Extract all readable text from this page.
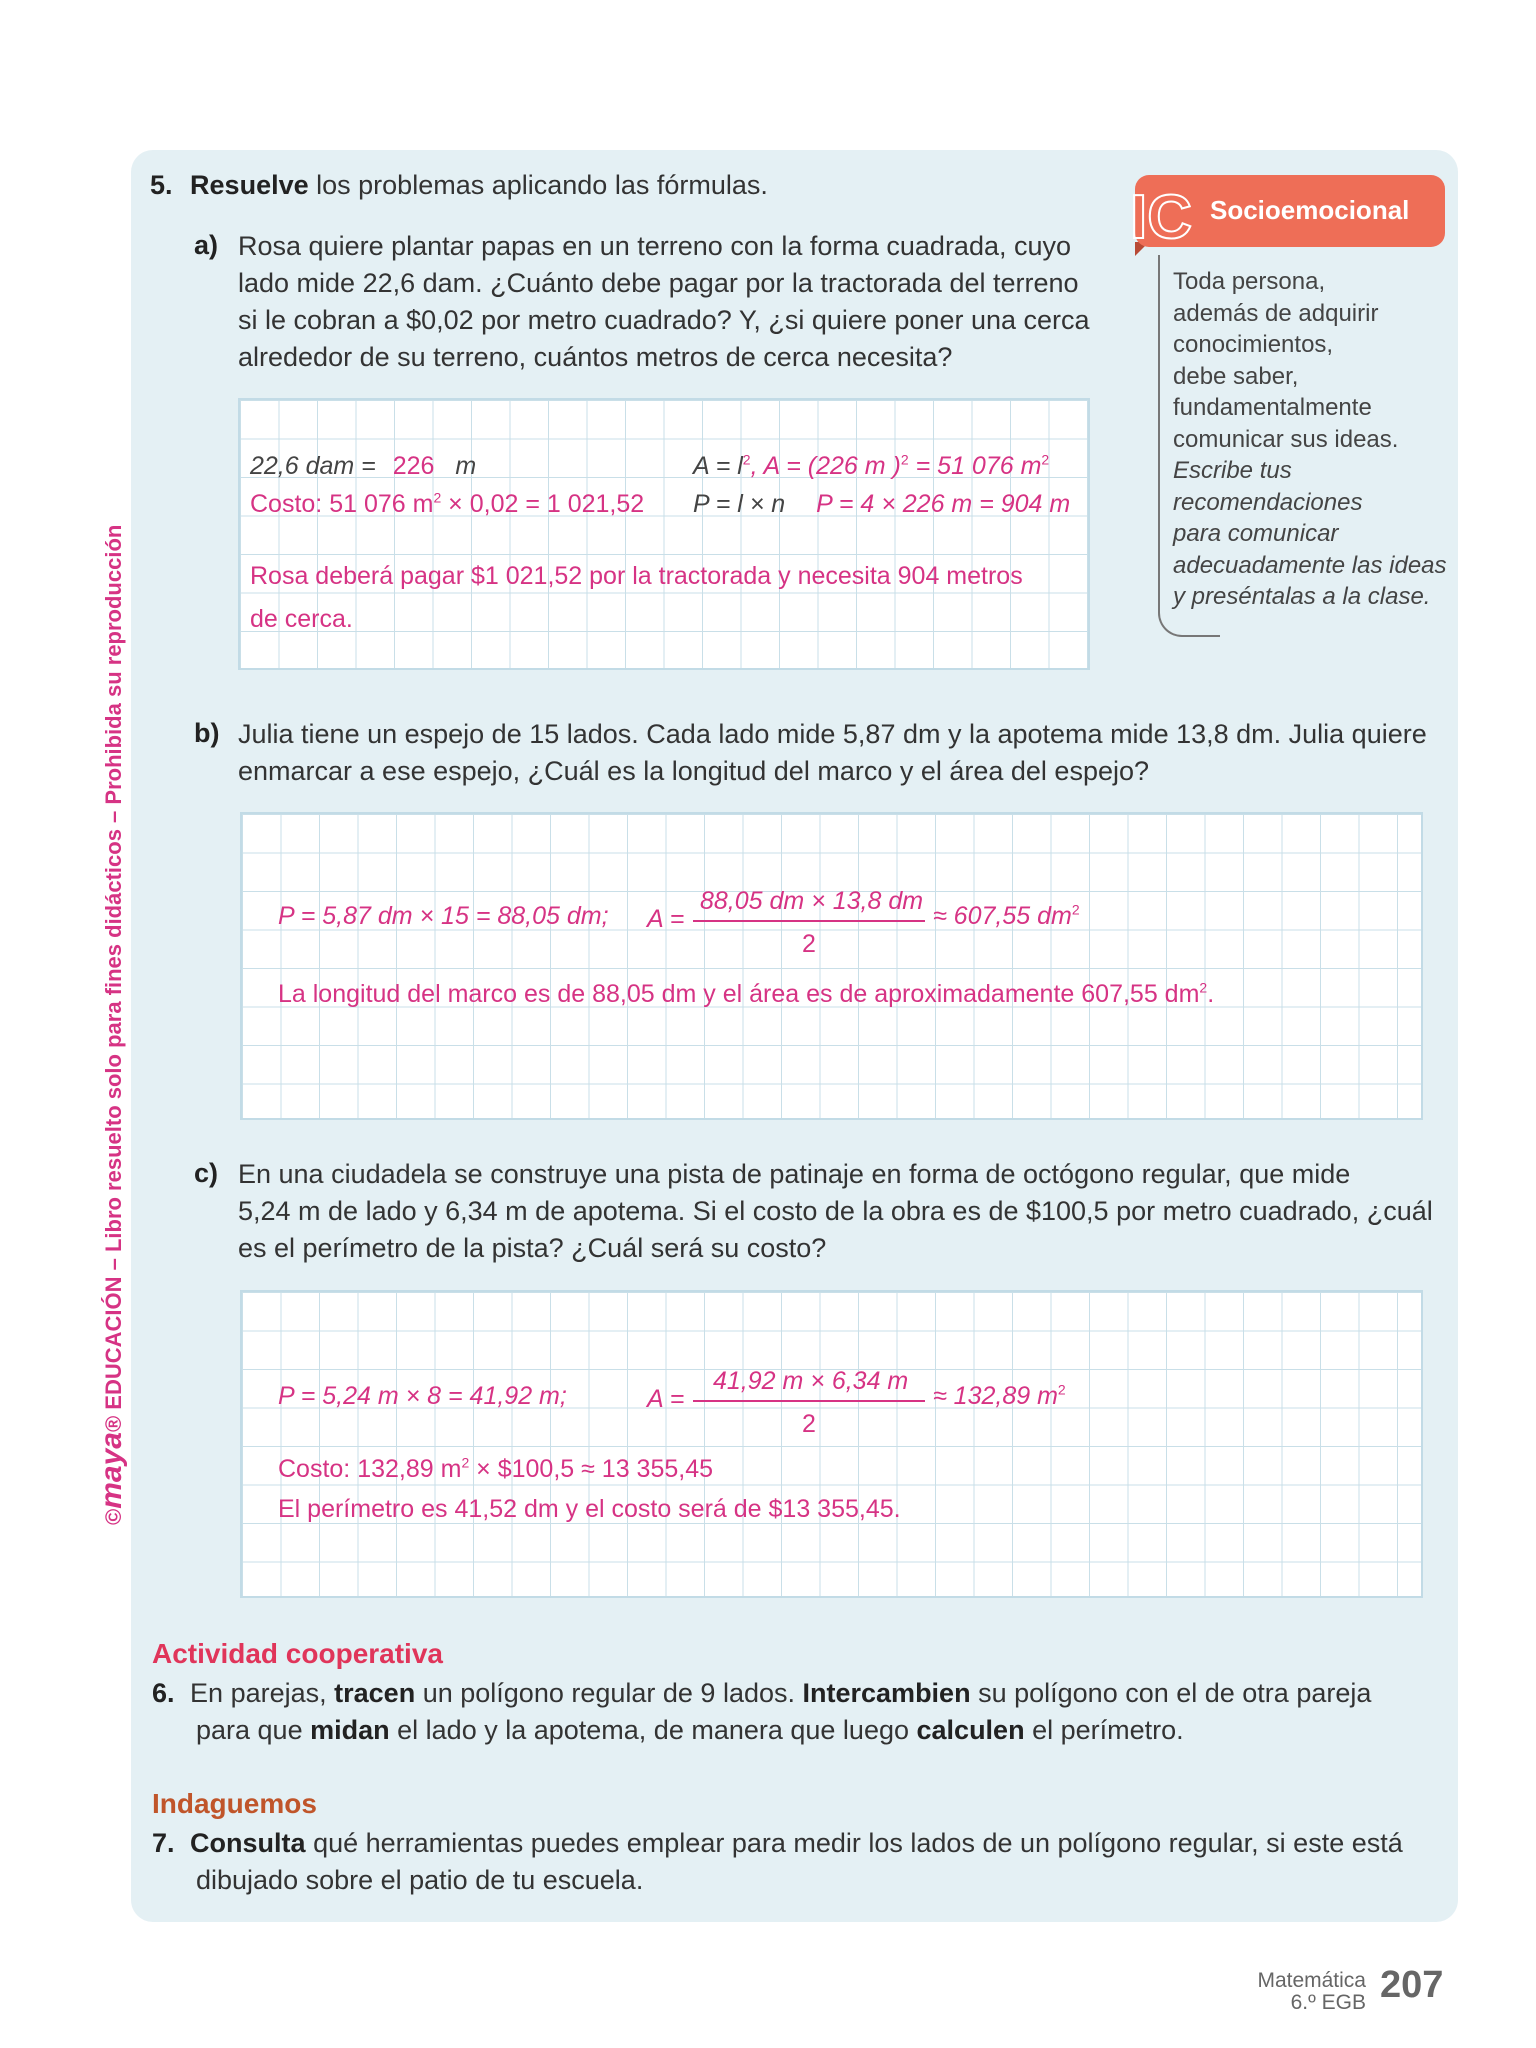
©maya® EDUCACIÓN – Libro resuelto solo para fines didácticos – Prohibida su reproducción
5. Resuelve los problemas aplicando las fórmulas.
a) Rosa quiere plantar papas en un terreno con la forma cuadrada, cuyo
lado mide 22,6 dam. ¿Cuánto debe pagar por la tractorada del terreno
si le cobran a $0,02 por metro cuadrado? Y, ¿si quiere poner una cerca
alrededor de su terreno, cuántos metros de cerca necesita?
22,6 dam = 226 m	$A = l^2$, A = (226 m )$^2$ = 51 076 $m^2$
Costo: 51 076 $m^2 \times 0,02 = 1$ 021,52 P = l × n P = 4 × 226 m = 904 m
Rosa deberá pagar $1 021,52 por la tractorada y necesita 904 metros
de cerca.
Socioemocional
IC
Toda persona,
además de adquirir
conocimientos,
debe saber,
fundamentalmente
comunicar sus ideas.
Escribe tus
recomendaciones
para comunicar
adecuadamente las ideas
y preséntalas a la clase.
b) Julia tiene un espejo de 15 lados. Cada lado mide 5,87 dm y la apotema mide 13,8 dm. Julia quiere
enmarcar a ese espejo, ¿Cuál es la longitud del marco y el área del espejo?
P = 5,87 dm × 15 = 88,05 dm; A =
88,05 dm × 13,8 dm
2
≈ 607,55 $dm^2$
La longitud del marco es de 88,05 dm y el área es de aproximadamente 607,55 $dm^2$.
c) En una ciudadela se construye una pista de patinaje en forma de octógono regular, que mide
5,24 m de lado y 6,34 m de apotema. Si el costo de la obra es de $100,5 por metro cuadrado, ¿cuál
es el perímetro de la pista? ¿Cuál será su costo?
P = 5,24 m × 8 = 41,92 m;	A =
41,92 m × 6,34 m
2
≈ 132,89 $m^2$
Costo: 132,89 $m^2$ × $100,5 ≈ 13 355,45
El perímetro es 41,52 dm y el costo será de $13 355,45.
Actividad cooperativa
6. En parejas, tracen un polígono regular de 9 lados. Intercambien su polígono con el de otra pareja
para que midan el lado y la apotema, de manera que luego calculen el perímetro.
Indaguemos
7. Consulta qué herramientas puedes emplear para medir los lados de un polígono regular, si este está
dibujado sobre el patio de tu escuela.
Matemática
6.º EGB 207
